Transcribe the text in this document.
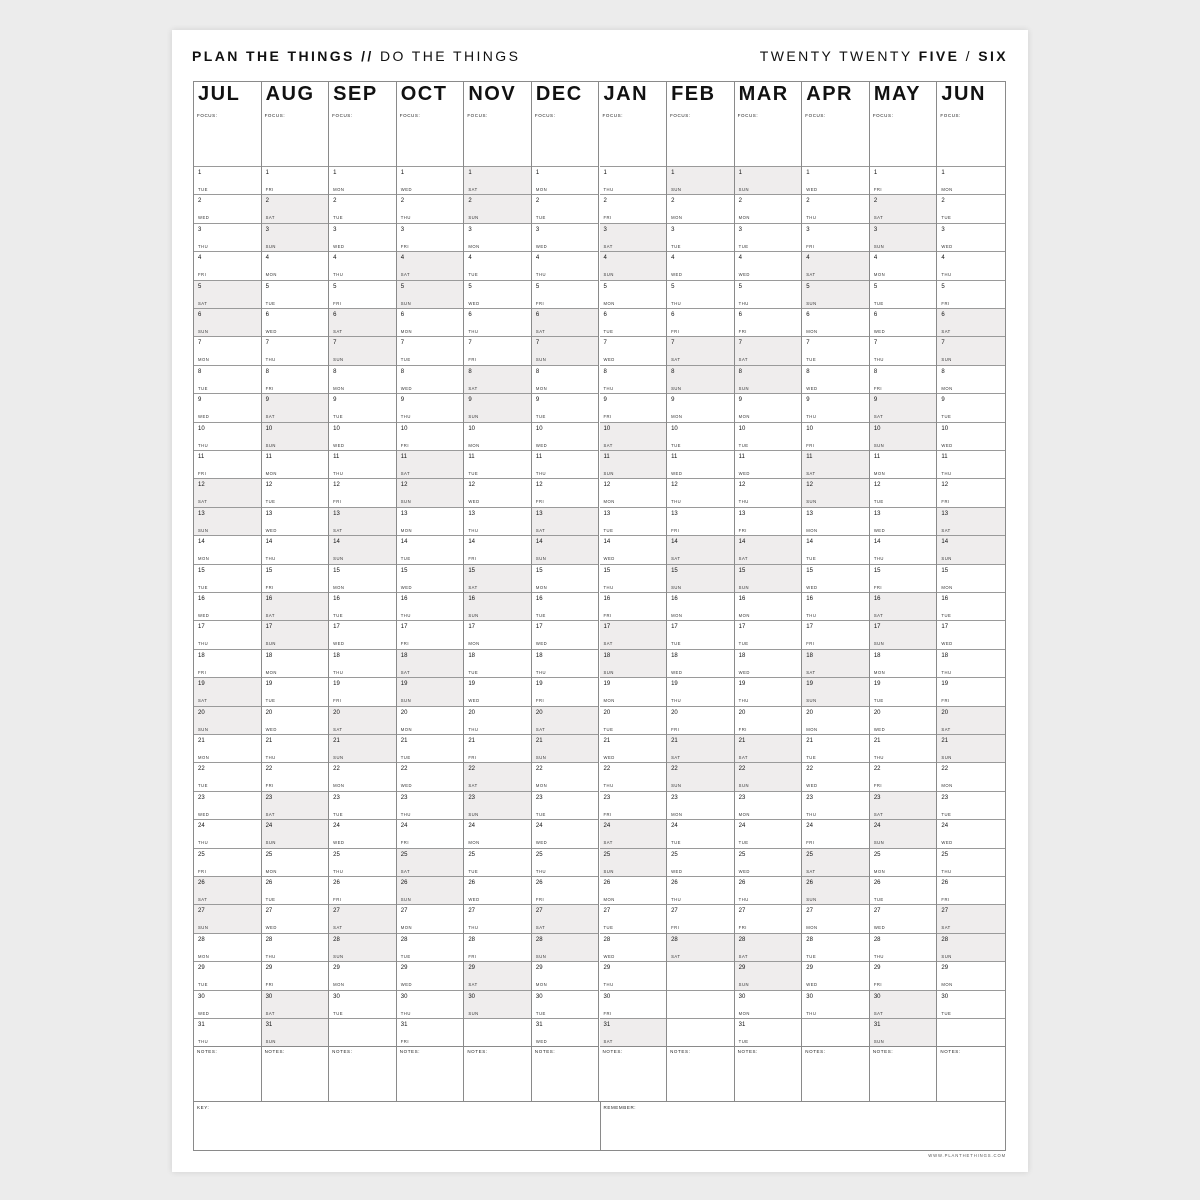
PLAN THE THINGS // DO THE THINGS	TWENTY TWENTY FIVE / SIX
JUL
FOCUS:
1
TUE
2
WED
3
THU
4
FRI
5
SAT
6
SUN
7
MON
8
TUE
9
WED
10
THU
11
FRI
12
SAT
13
SUN
14
MON
15
TUE
16
WED
17
THU
18
FRI
19
SAT
20
SUN
21
MON
22
TUE
23
WED
24
THU
25
FRI
26
SAT
27
SUN
28
MON
29
TUE
30
WED
31
THU
NOTES:
AUG
FOCUS:
1
FRI
2
SAT
3
SUN
4
MON
5
TUE
6
WED
7
THU
8
FRI
9
SAT
10
SUN
11
MON
12
TUE
13
WED
14
THU
15
FRI
16
SAT
17
SUN
18
MON
19
TUE
20
WED
21
THU
22
FRI
23
SAT
24
SUN
25
MON
26
TUE
27
WED
28
THU
29
FRI
30
SAT
31
SUN
NOTES:
SEP
FOCUS:
1
MON
2
TUE
3
WED
4
THU
5
FRI
6
SAT
7
SUN
8
MON
9
TUE
10
WED
11
THU
12
FRI
13
SAT
14
SUN
15
MON
16
TUE
17
WED
18
THU
19
FRI
20
SAT
21
SUN
22
MON
23
TUE
24
WED
25
THU
26
FRI
27
SAT
28
SUN
29
MON
30
TUE
NOTES:
OCT
FOCUS:
1
WED
2
THU
3
FRI
4
SAT
5
SUN
6
MON
7
TUE
8
WED
9
THU
10
FRI
11
SAT
12
SUN
13
MON
14
TUE
15
WED
16
THU
17
FRI
18
SAT
19
SUN
20
MON
21
TUE
22
WED
23
THU
24
FRI
25
SAT
26
SUN
27
MON
28
TUE
29
WED
30
THU
31
FRI
NOTES:
NOV
FOCUS:
1
SAT
2
SUN
3
MON
4
TUE
5
WED
6
THU
7
FRI
8
SAT
9
SUN
10
MON
11
TUE
12
WED
13
THU
14
FRI
15
SAT
16
SUN
17
MON
18
TUE
19
WED
20
THU
21
FRI
22
SAT
23
SUN
24
MON
25
TUE
26
WED
27
THU
28
FRI
29
SAT
30
SUN
NOTES:
DEC
FOCUS:
1
MON
2
TUE
3
WED
4
THU
5
FRI
6
SAT
7
SUN
8
MON
9
TUE
10
WED
11
THU
12
FRI
13
SAT
14
SUN
15
MON
16
TUE
17
WED
18
THU
19
FRI
20
SAT
21
SUN
22
MON
23
TUE
24
WED
25
THU
26
FRI
27
SAT
28
SUN
29
MON
30
TUE
31
WED
NOTES:
JAN
FOCUS:
1
THU
2
FRI
3
SAT
4
SUN
5
MON
6
TUE
7
WED
8
THU
9
FRI
10
SAT
11
SUN
12
MON
13
TUE
14
WED
15
THU
16
FRI
17
SAT
18
SUN
19
MON
20
TUE
21
WED
22
THU
23
FRI
24
SAT
25
SUN
26
MON
27
TUE
28
WED
29
THU
30
FRI
31
SAT
NOTES:
FEB
FOCUS:
1
SUN
2
MON
3
TUE
4
WED
5
THU
6
FRI
7
SAT
8
SUN
9
MON
10
TUE
11
WED
12
THU
13
FRI
14
SAT
15
SUN
16
MON
17
TUE
18
WED
19
THU
20
FRI
21
SAT
22
SUN
23
MON
24
TUE
25
WED
26
THU
27
FRI
28
SAT
NOTES:
MAR
FOCUS:
1
SUN
2
MON
3
TUE
4
WED
5
THU
6
FRI
7
SAT
8
SUN
9
MON
10
TUE
11
WED
12
THU
13
FRI
14
SAT
15
SUN
16
MON
17
TUE
18
WED
19
THU
20
FRI
21
SAT
22
SUN
23
MON
24
TUE
25
WED
26
THU
27
FRI
28
SAT
29
SUN
30
MON
31
TUE
NOTES:
APR
FOCUS:
1
WED
2
THU
3
FRI
4
SAT
5
SUN
6
MON
7
TUE
8
WED
9
THU
10
FRI
11
SAT
12
SUN
13
MON
14
TUE
15
WED
16
THU
17
FRI
18
SAT
19
SUN
20
MON
21
TUE
22
WED
23
THU
24
FRI
25
SAT
26
SUN
27
MON
28
TUE
29
WED
30
THU
NOTES:
MAY
FOCUS:
1
FRI
2
SAT
3
SUN
4
MON
5
TUE
6
WED
7
THU
8
FRI
9
SAT
10
SUN
11
MON
12
TUE
13
WED
14
THU
15
FRI
16
SAT
17
SUN
18
MON
19
TUE
20
WED
21
THU
22
FRI
23
SAT
24
SUN
25
MON
26
TUE
27
WED
28
THU
29
FRI
30
SAT
31
SUN
NOTES:
JUN
FOCUS:
1
MON
2
TUE
3
WED
4
THU
5
FRI
6
SAT
7
SUN
8
MON
9
TUE
10
WED
11
THU
12
FRI
13
SAT
14
SUN
15
MON
16
TUE
17
WED
18
THU
19
FRI
20
SAT
21
SUN
22
MON
23
TUE
24
WED
25
THU
26
FRI
27
SAT
28
SUN
29
MON
30
TUE
NOTES:
KEY:	REMEMBER:
WWW.PLANTHETHINGS.COM
